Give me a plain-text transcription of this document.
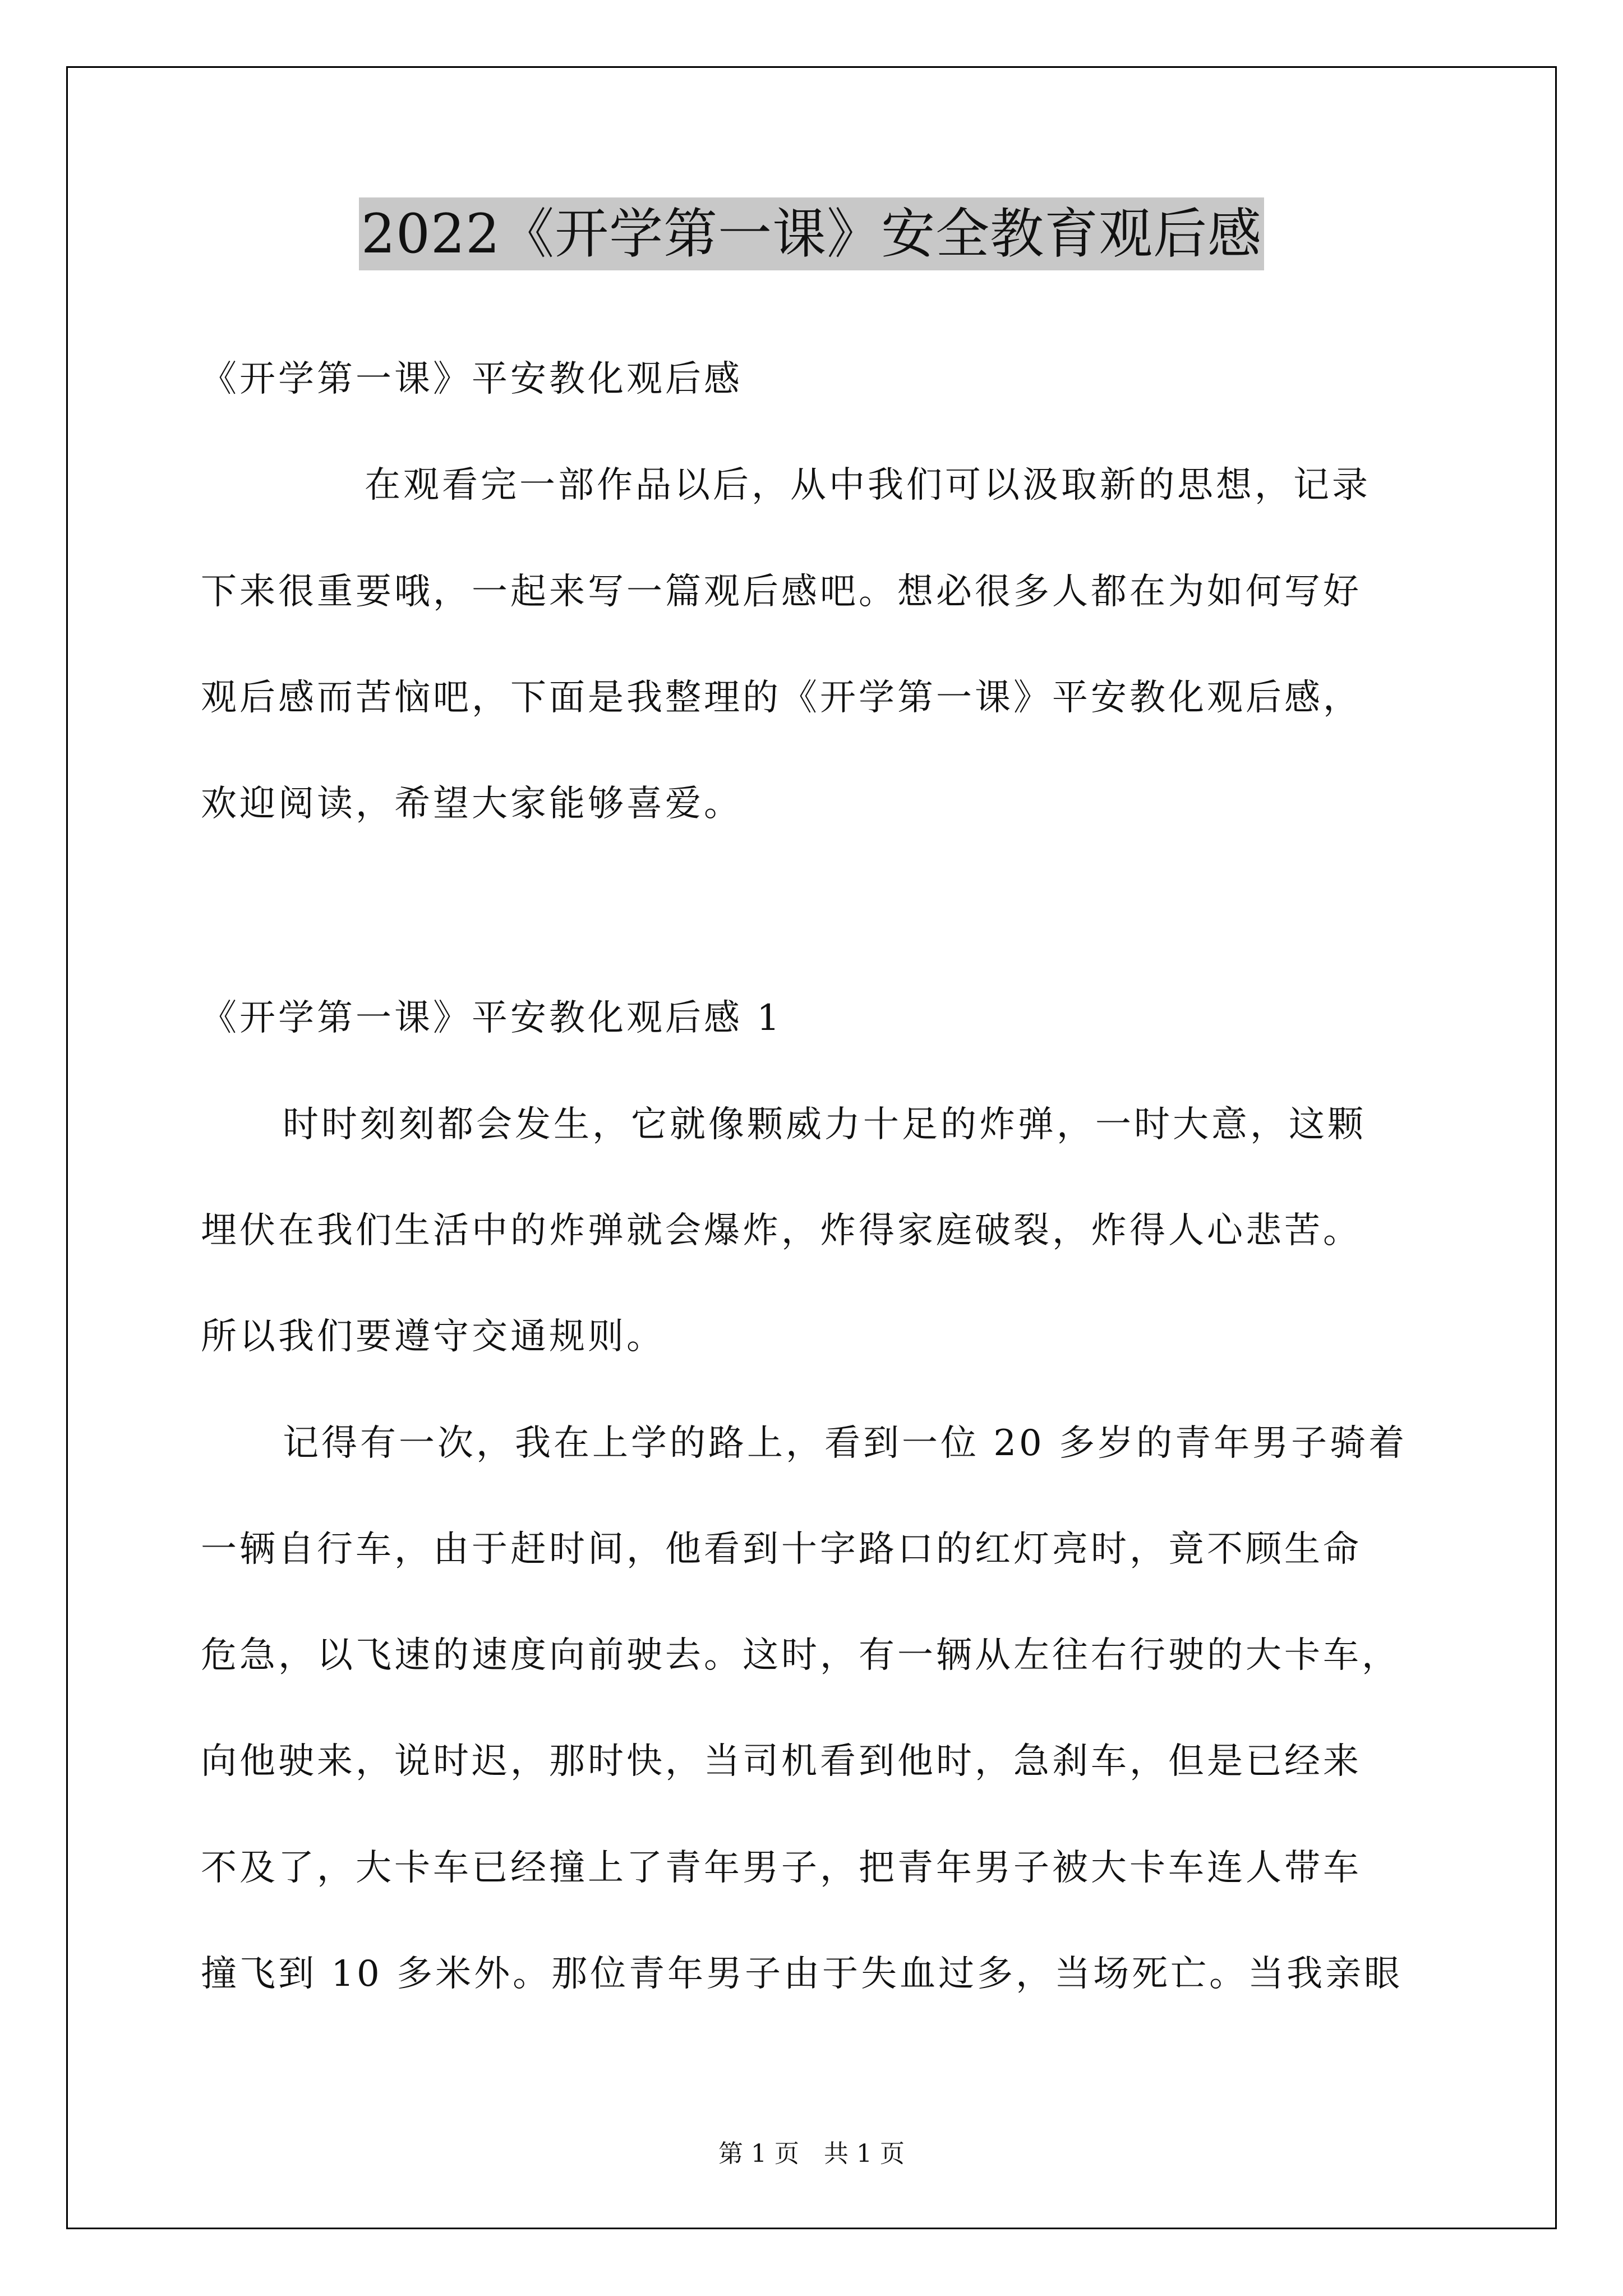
2022《开学第一课》安全教育观后感
《开学第一课》平安教化观后感
在观看完一部作品以后，从中我们可以汲取新的思想，记录
下来很重要哦，一起来写一篇观后感吧。想必很多人都在为如何写好
观后感而苦恼吧，下面是我整理的《开学第一课》平安教化观后感，
欢迎阅读，希望大家能够喜爱。
《开学第一课》平安教化观后感 1
时时刻刻都会发生，它就像颗威力十足的炸弹，一时大意，这颗
埋伏在我们生活中的炸弹就会爆炸，炸得家庭破裂，炸得人心悲苦。
所以我们要遵守交通规则。
记得有一次，我在上学的路上，看到一位 20 多岁的青年男子骑着
一辆自行车，由于赶时间，他看到十字路口的红灯亮时，竟不顾生命
危急，以飞速的速度向前驶去。这时，有一辆从左往右行驶的大卡车，
向他驶来，说时迟，那时快，当司机看到他时，急刹车，但是已经来
不及了，大卡车已经撞上了青年男子，把青年男子被大卡车连人带车
撞飞到 10 多米外。那位青年男子由于失血过多，当场死亡。当我亲眼
第 1 页　共 1 页
